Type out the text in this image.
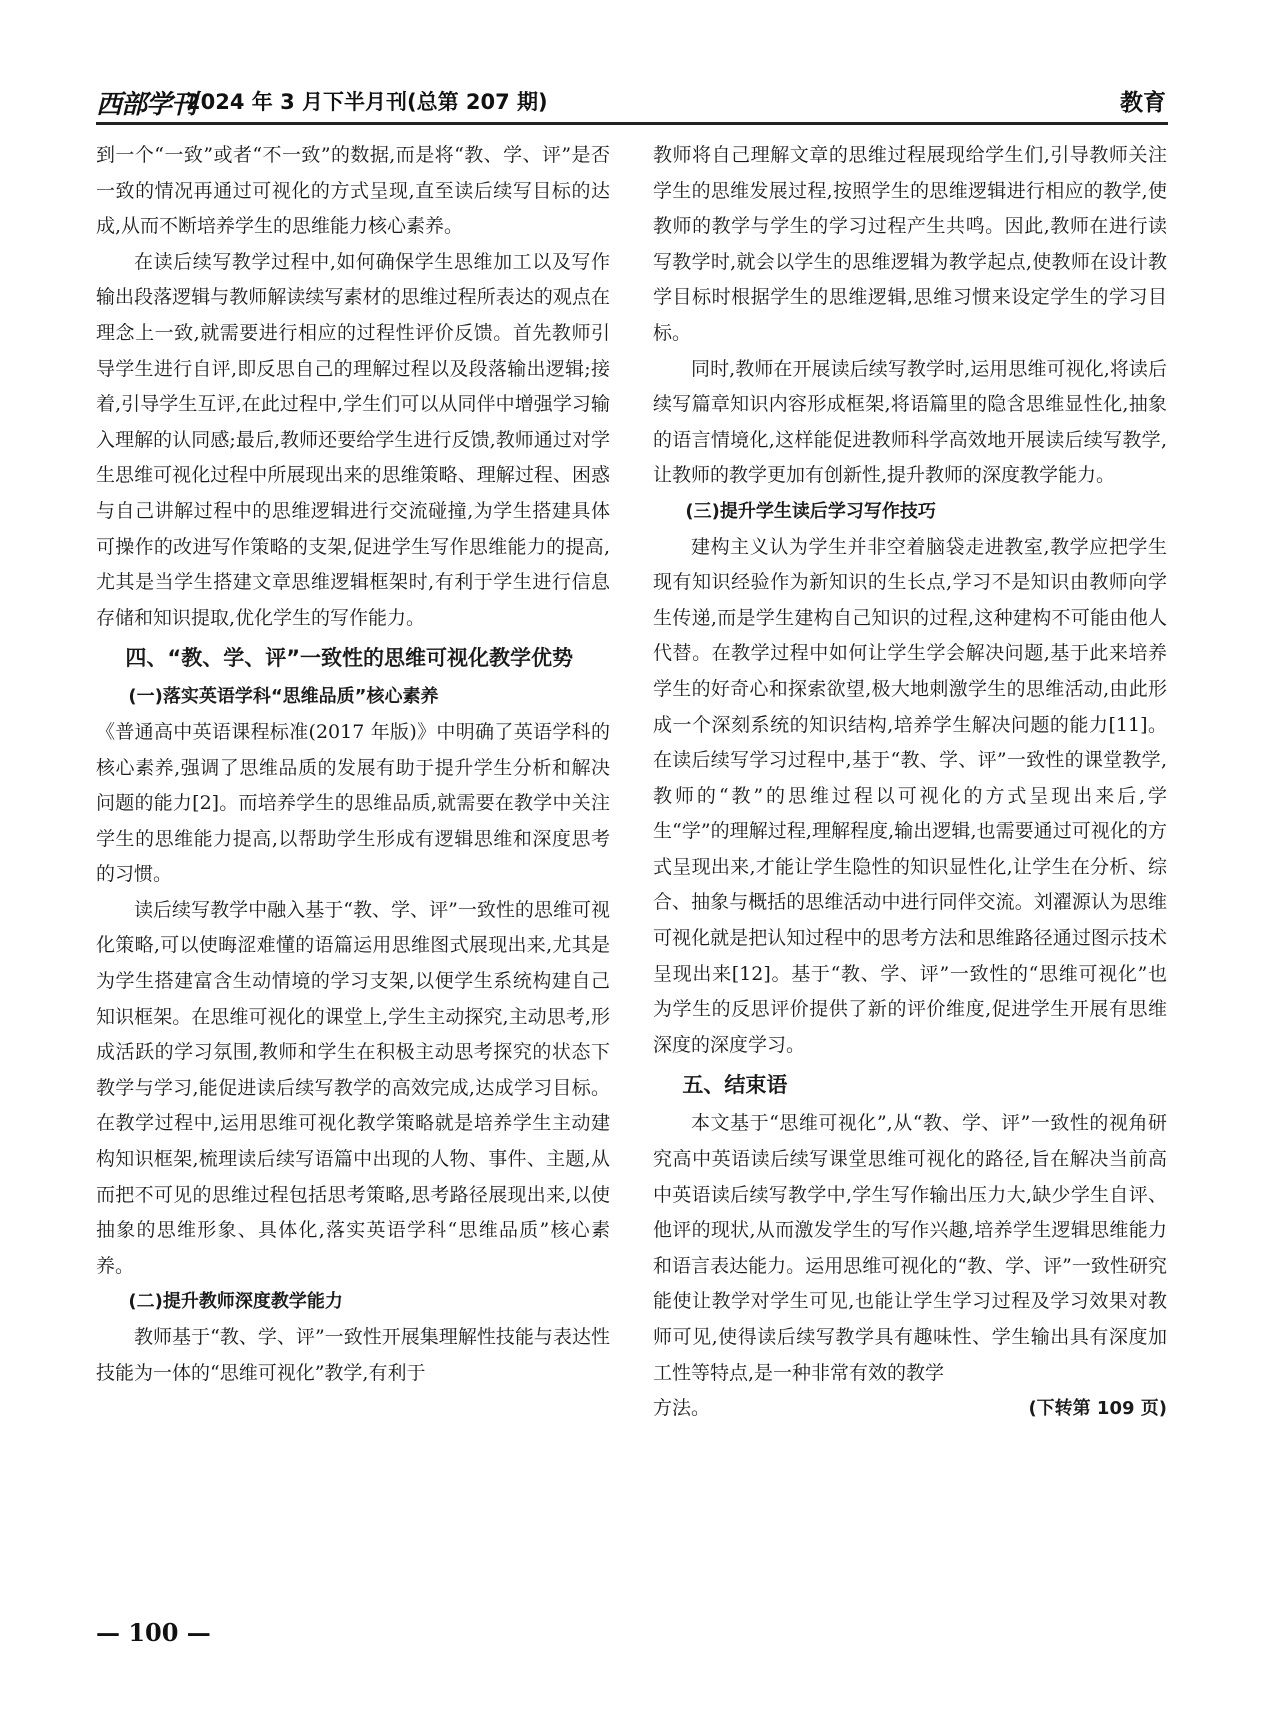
西部学刊
2024 年 3 月下半月刊(总第 207 期)	教育

到一个“一致”或者“不一致”的数据,而是将“教、学、评”是否一致的情况再通过可视化的方式呈现,直至读后续写目标的达成,从而不断培养学生的思维能力核心素养。

在读后续写教学过程中,如何确保学生思维加工以及写作输出段落逻辑与教师解读续写素材的思维过程所表达的观点在理念上一致,就需要进行相应的过程性评价反馈。首先教师引导学生进行自评,即反思自己的理解过程以及段落输出逻辑;接着,引导学生互评,在此过程中,学生们可以从同伴中增强学习输入理解的认同感;最后,教师还要给学生进行反馈,教师通过对学生思维可视化过程中所展现出来的思维策略、理解过程、困惑与自己讲解过程中的思维逻辑进行交流碰撞,为学生搭建具体可操作的改进写作策略的支架,促进学生写作思维能力的提高,尤其是当学生搭建文章思维逻辑框架时,有利于学生进行信息存储和知识提取,优化学生的写作能力。

四、“教、学、评”一致性的思维可视化教学优势
(一)落实英语学科“思维品质”核心素养

《普通高中英语课程标准(2017 年版)》中明确了英语学科的核心素养,强调了思维品质的发展有助于提升学生分析和解决问题的能力[2]。而培养学生的思维品质,就需要在教学中关注学生的思维能力提高,以帮助学生形成有逻辑思维和深度思考的习惯。

读后续写教学中融入基于“教、学、评”一致性的思维可视化策略,可以使晦涩难懂的语篇运用思维图式展现出来,尤其是为学生搭建富含生动情境的学习支架,以便学生系统构建自己知识框架。在思维可视化的课堂上,学生主动探究,主动思考,形成活跃的学习氛围,教师和学生在积极主动思考探究的状态下教学与学习,能促进读后续写教学的高效完成,达成学习目标。在教学过程中,运用思维可视化教学策略就是培养学生主动建构知识框架,梳理读后续写语篇中出现的人物、事件、主题,从而把不可见的思维过程包括思考策略,思考路径展现出来,以使抽象的思维形象、具体化,落实英语学科“思维品质”核心素养。

(二)提升教师深度教学能力

教师基于“教、学、评”一致性开展集理解性技能与表达性技能为一体的“思维可视化”教学,有利于

教师将自己理解文章的思维过程展现给学生们,引导教师关注学生的思维发展过程,按照学生的思维逻辑进行相应的教学,使教师的教学与学生的学习过程产生共鸣。因此,教师在进行读写教学时,就会以学生的思维逻辑为教学起点,使教师在设计教学目标时根据学生的思维逻辑,思维习惯来设定学生的学习目标。

同时,教师在开展读后续写教学时,运用思维可视化,将读后续写篇章知识内容形成框架,将语篇里的隐含思维显性化,抽象的语言情境化,这样能促进教师科学高效地开展读后续写教学,让教师的教学更加有创新性,提升教师的深度教学能力。

(三)提升学生读后学习写作技巧

建构主义认为学生并非空着脑袋走进教室,教学应把学生现有知识经验作为新知识的生长点,学习不是知识由教师向学生传递,而是学生建构自己知识的过程,这种建构不可能由他人代替。在教学过程中如何让学生学会解决问题,基于此来培养学生的好奇心和探索欲望,极大地刺激学生的思维活动,由此形成一个深刻系统的知识结构,培养学生解决问题的能力[11]。在读后续写学习过程中,基于“教、学、评”一致性的课堂教学,教师的“教”的思维过程以可视化的方式呈现出来后,学生“学”的理解过程,理解程度,输出逻辑,也需要通过可视化的方式呈现出来,才能让学生隐性的知识显性化,让学生在分析、综合、抽象与概括的思维活动中进行同伴交流。刘濯源认为思维可视化就是把认知过程中的思考方法和思维路径通过图示技术呈现出来[12]。基于“教、学、评”一致性的“思维可视化”也为学生的反思评价提供了新的评价维度,促进学生开展有思维深度的深度学习。

五、结束语

本文基于“思维可视化”,从“教、学、评”一致性的视角研究高中英语读后续写课堂思维可视化的路径,旨在解决当前高中英语读后续写教学中,学生写作输出压力大,缺少学生自评、他评的现状,从而激发学生的写作兴趣,培养学生逻辑思维能力和语言表达能力。运用思维可视化的“教、学、评”一致性研究能使让教学对学生可见,也能让学生学习过程及学习效果对教师可见,使得读后续写教学具有趣味性、学生输出具有深度加工性等特点,是一种非常有效的教学

方法。	(下转第 109 页)
— 100 —
